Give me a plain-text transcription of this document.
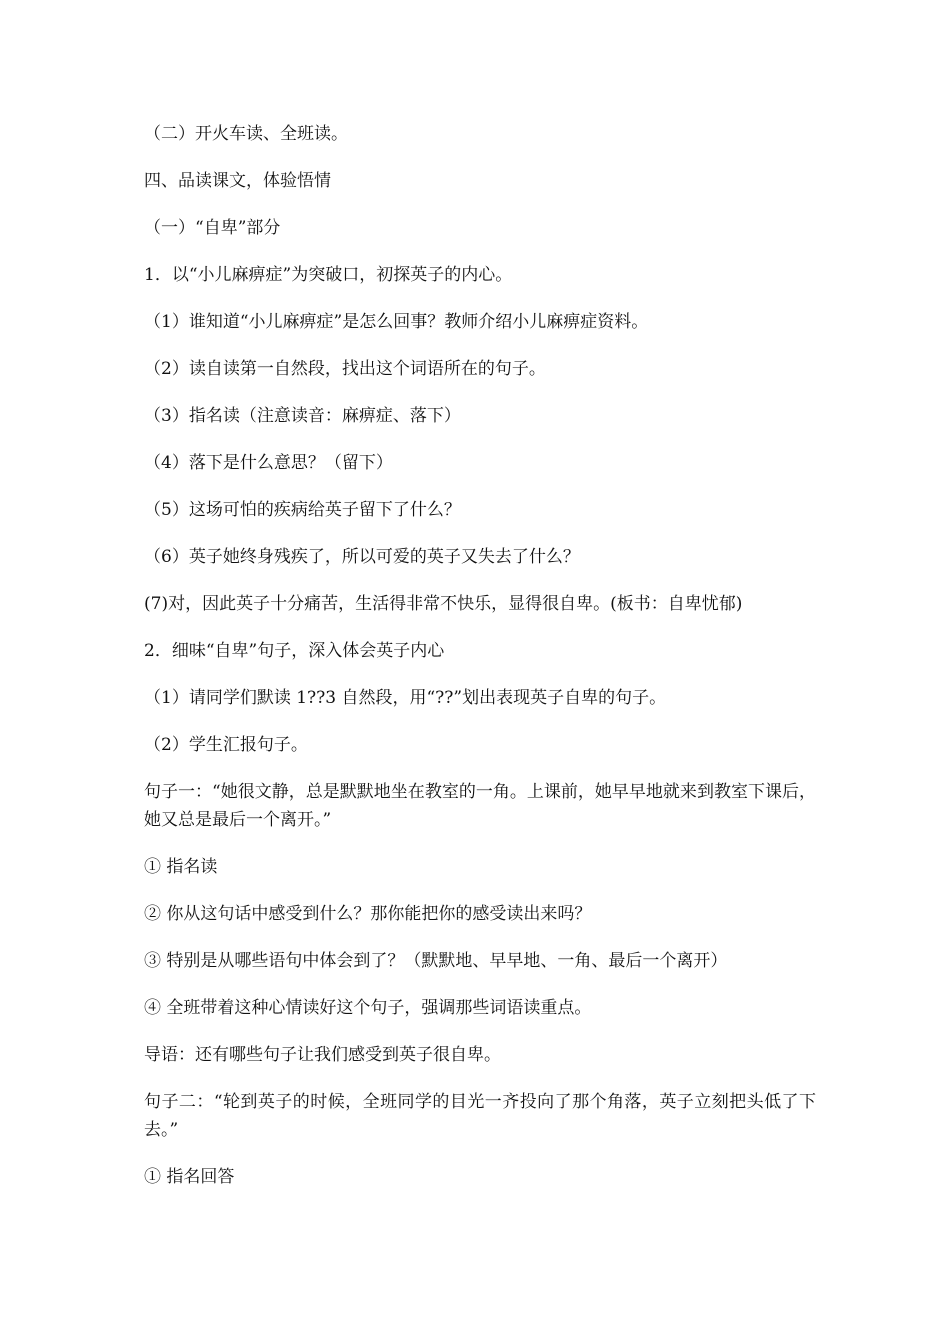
（二）开火车读、全班读。

四、品读课文，体验悟情

（一）“自卑”部分

1．以“小儿麻痹症”为突破口，初探英子的内心。

（1）谁知道“小儿麻痹症”是怎么回事？教师介绍小儿麻痹症资料。

（2）读自读第一自然段，找出这个词语所在的句子。

（3）指名读（注意读音：麻痹症、落下）

（4）落下是什么意思？（留下）

（5）这场可怕的疾病给英子留下了什么？

（6）英子她终身残疾了，所以可爱的英子又失去了什么？

(7)对，因此英子十分痛苦，生活得非常不快乐，显得很自卑。(板书：自卑忧郁)

2．细味“自卑”句子，深入体会英子内心

（1）请同学们默读 1??3 自然段，用“??”划出表现英子自卑的句子。

（2）学生汇报句子。

句子一：“她很文静，总是默默地坐在教室的一角。上课前，她早早地就来到教室下课后，她又总是最后一个离开。”

① 指名读

② 你从这句话中感受到什么？那你能把你的感受读出来吗？

③ 特别是从哪些语句中体会到了？（默默地、早早地、一角、最后一个离开）

④ 全班带着这种心情读好这个句子，强调那些词语读重点。

导语：还有哪些句子让我们感受到英子很自卑。

句子二：“轮到英子的时候，全班同学的目光一齐投向了那个角落，英子立刻把头低了下去。”

① 指名回答
